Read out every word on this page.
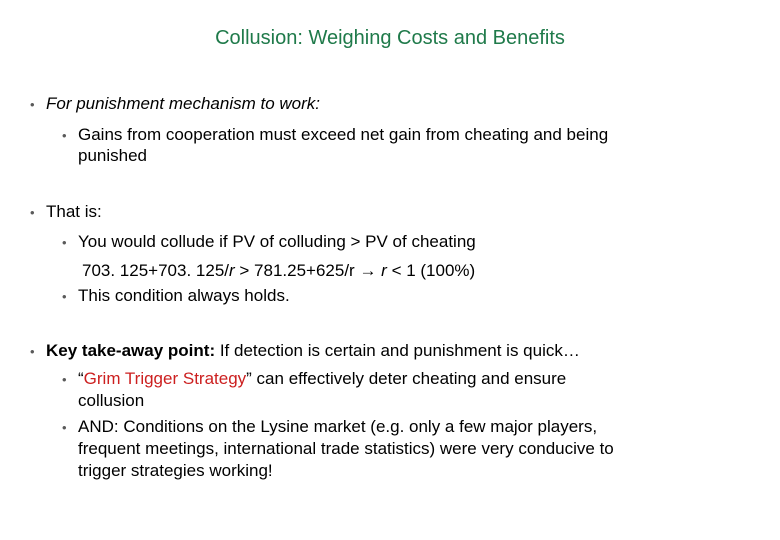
Collusion: Weighing Costs and Benefits
• For punishment mechanism to work:
• Gains from cooperation must exceed net gain from cheating and being
punished
• That is:
• You would collude if PV of colluding > PV of cheating
703. 125+703. 125/r > 781.25+625/r → r < 1 (100%)
• This condition always holds.
• Key take-away point: If detection is certain and punishment is quick…
• “Grim Trigger Strategy” can effectively deter cheating and ensure
collusion
• AND: Conditions on the Lysine market (e.g. only a few major players,
frequent meetings, international trade statistics) were very conducive to
trigger strategies working!
